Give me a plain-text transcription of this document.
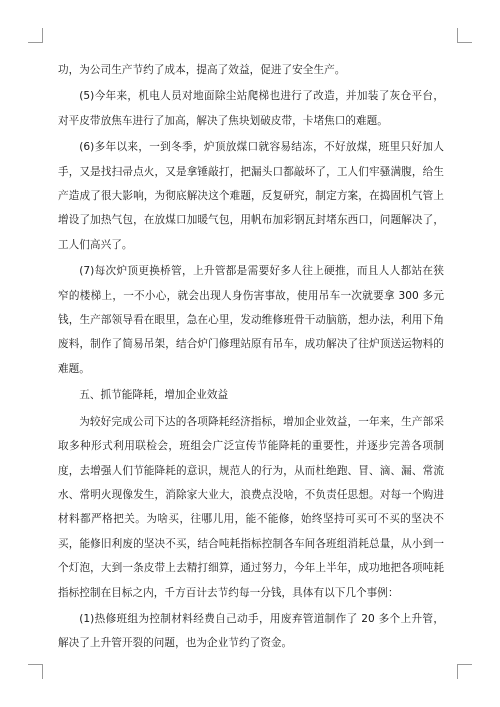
功，为公司生产节约了成本，提高了效益，促进了安全生产。

(5)今年来，机电人员对地面除尘站爬梯也进行了改造，并加装了灰仓平台，对平皮带放焦车进行了加高，解决了焦块划破皮带，卡堵焦口的难题。

(6)多年以来，一到冬季，炉顶放煤口就容易结冻，不好放煤，班里只好加人手，又是找扫帚点火，又是拿锤敲打，把漏头口都敲坏了，工人们牢骚满腹，给生产造成了很大影响，为彻底解决这个难题，反复研究，制定方案，在捣固机气管上增设了加热气包，在放煤口加暖气包，用帆布加彩钢瓦封堵东西口，问题解决了，工人们高兴了。

(7)每次炉顶更换桥管，上升管都是需要好多人往上硬推，而且人人都站在狭窄的楼梯上，一不小心，就会出现人身伤害事故，使用吊车一次就要拿 300 多元钱，生产部领导看在眼里，急在心里，发动维修班骨干动脑筋，想办法，利用下角废料，制作了简易吊架，结合炉门修理站原有吊车，成功解决了往炉顶送运物料的难题。

五、抓节能降耗，增加企业效益

为较好完成公司下达的各项降耗经济指标，增加企业效益，一年来，生产部采取多种形式利用联检会，班组会广泛宣传节能降耗的重要性，并逐步完善各项制度，去增强人们节能降耗的意识，规范人的行为，从而杜绝跑、冒、滴、漏、常流水、常明火现像发生，消除家大业大，浪费点没啥，不负责任思想。对每一个购进材料都严格把关。为啥买，往哪儿用，能不能修，始终坚持可买可不买的坚决不买，能修旧利废的坚决不买，结合吨耗指标控制各车间各班组消耗总量，从小到一个灯泡，大到一条皮带上去精打细算，通过努力，今年上半年，成功地把各项吨耗指标控制在目标之内，千方百计去节约每一分钱，具体有以下几个事例：

(1)热修班组为控制材料经费自己动手，用废弃管道制作了 20 多个上升管，解决了上升管开裂的问题，也为企业节约了资金。
